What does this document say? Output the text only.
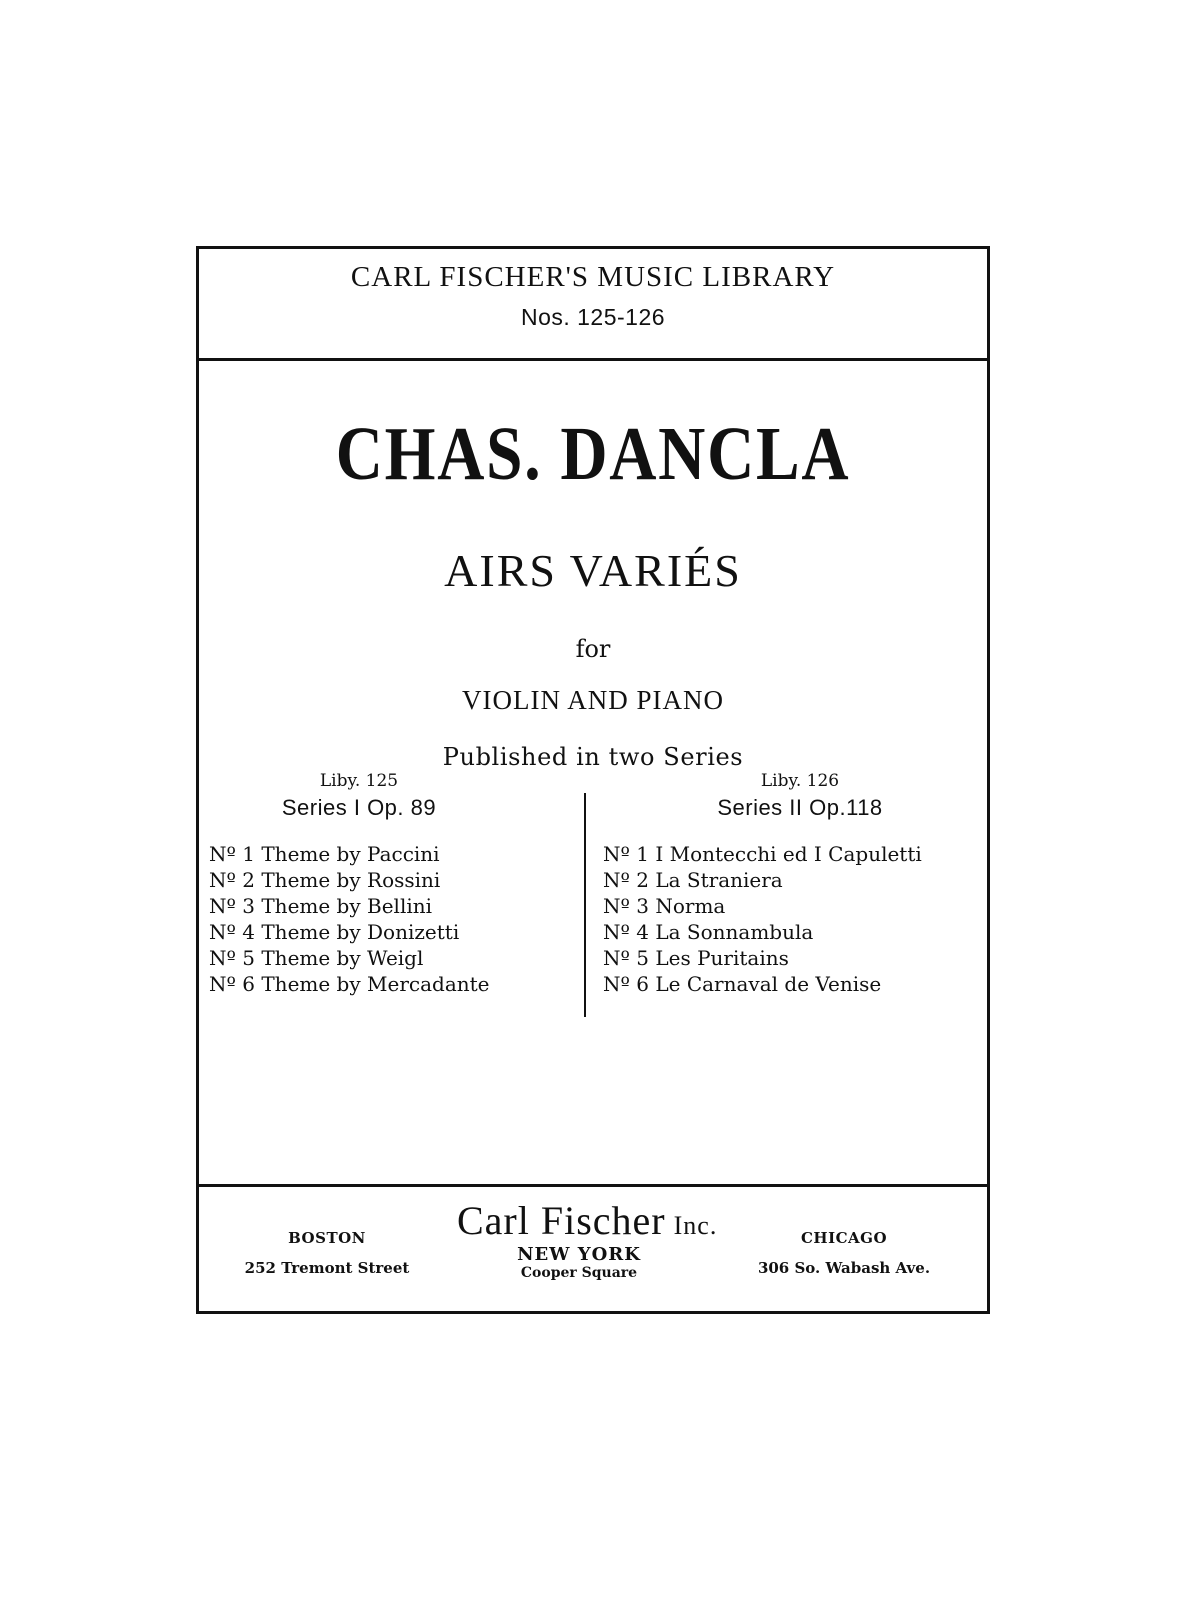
CARL FISCHER'S MUSIC LIBRARY
Nos. 125-126
CHAS. DANCLA
AIRS VARIÉS
for
VIOLIN AND PIANO
Published in two Series
Liby. 125
Series I Op. 89
Nº 1 Theme by Paccini
Nº 2 Theme by Rossini
Nº 3 Theme by Bellini
Nº 4 Theme by Donizetti
Nº 5 Theme by Weigl
Nº 6 Theme by Mercadante
Liby. 126
Series II Op.118
Nº 1 I Montecchi ed I Capuletti
Nº 2 La Straniera
Nº 3 Norma
Nº 4 La Sonnambula
Nº 5 Les Puritains
Nº 6 Le Carnaval de Venise
Carl Fischer Inc.
BOSTON
252 Tremont Street
NEW YORK
Cooper Square
CHICAGO
306 So. Wabash Ave.
